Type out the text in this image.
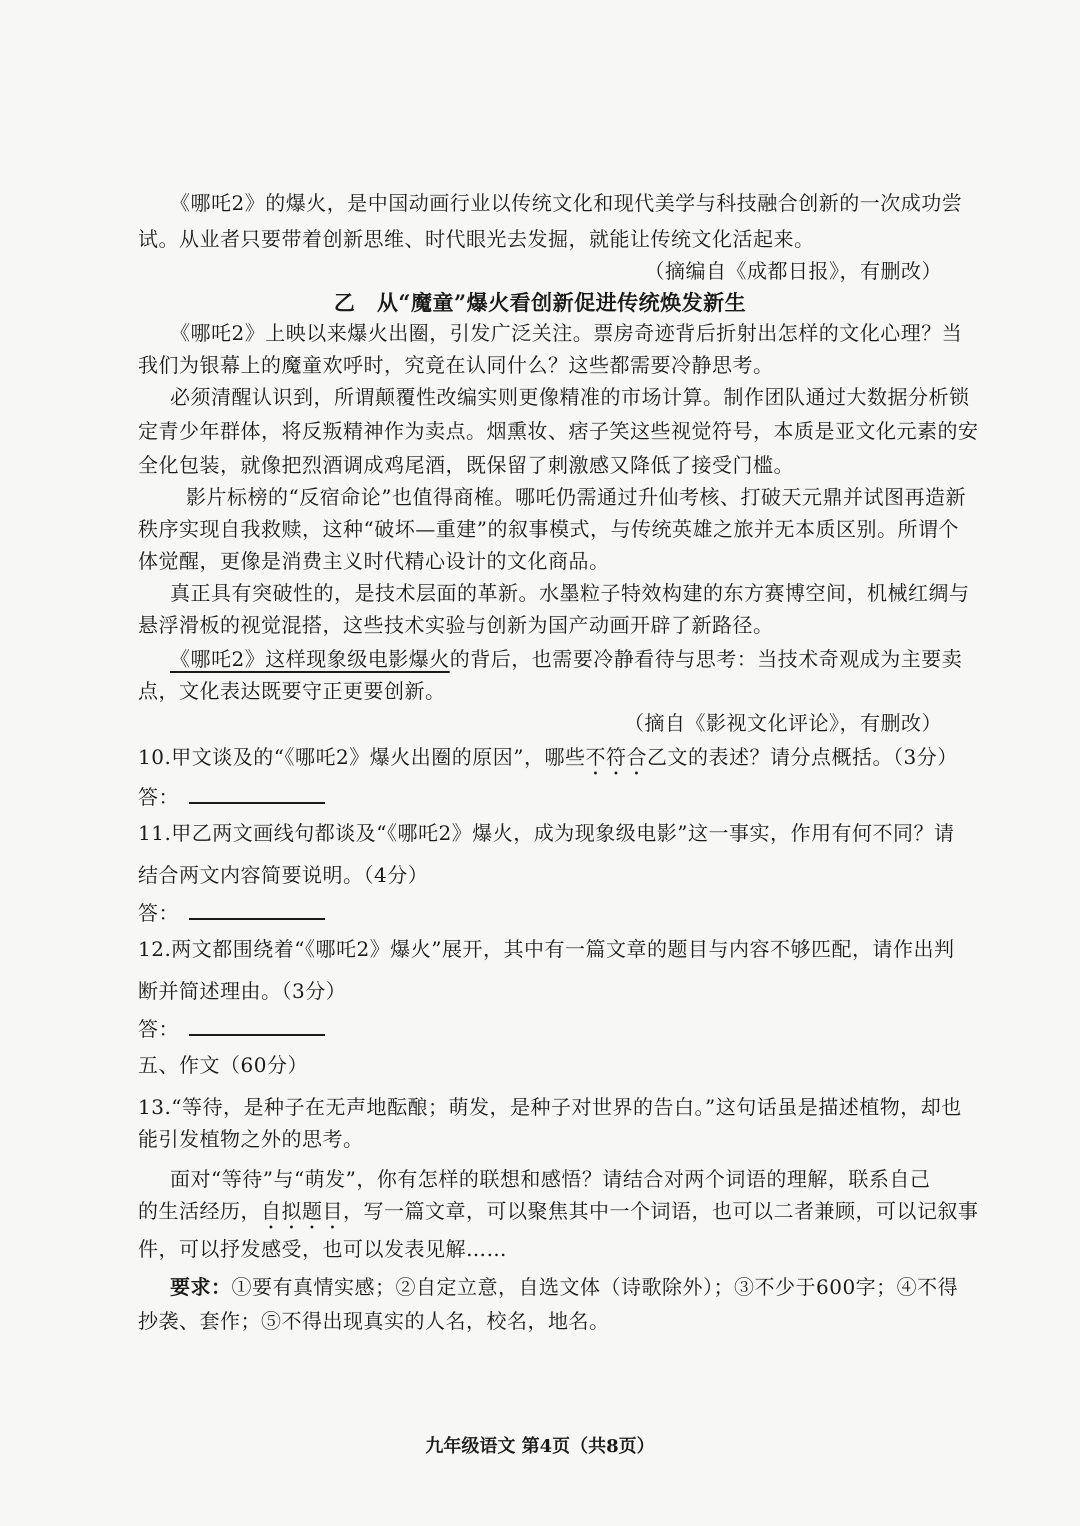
《哪吒2》的爆火，是中国动画行业以传统文化和现代美学与科技融合创新的一次成功尝
试。从业者只要带着创新思维、时代眼光去发掘，就能让传统文化活起来。
（摘编自《成都日报》，有删改）
乙　从“魔童”爆火看创新促进传统焕发新生
《哪吒2》上映以来爆火出圈，引发广泛关注。票房奇迹背后折射出怎样的文化心理？当
我们为银幕上的魔童欢呼时，究竟在认同什么？这些都需要冷静思考。
必须清醒认识到，所谓颠覆性改编实则更像精准的市场计算。制作团队通过大数据分析锁
定青少年群体，将反叛精神作为卖点。烟熏妆、痞子笑这些视觉符号，本质是亚文化元素的安
全化包装，就像把烈酒调成鸡尾酒，既保留了刺激感又降低了接受门槛。
影片标榜的“反宿命论”也值得商榷。哪吒仍需通过升仙考核、打破天元鼎并试图再造新
秩序实现自我救赎，这种“破坏—重建”的叙事模式，与传统英雄之旅并无本质区别。所谓个
体觉醒，更像是消费主义时代精心设计的文化商品。
真正具有突破性的，是技术层面的革新。水墨粒子特效构建的东方赛博空间，机械红绸与
悬浮滑板的视觉混搭，这些技术实验与创新为国产动画开辟了新路径。
《哪吒2》这样现象级电影爆火的背后，也需要冷静看待与思考：当技术奇观成为主要卖
点，文化表达既要守正更要创新。
（摘自《影视文化评论》，有删改）
10.甲文谈及的“《哪吒2》爆火出圈的原因”，哪些不符合乙文的表述？请分点概括。（3分）
答：
11.甲乙两文画线句都谈及“《哪吒2》爆火，成为现象级电影”这一事实，作用有何不同？请
结合两文内容简要说明。（4分）
答：
12.两文都围绕着“《哪吒2》爆火”展开，其中有一篇文章的题目与内容不够匹配，请作出判
断并简述理由。（3分）
答：
五、作文（60分）
13.“等待，是种子在无声地酝酿；萌发，是种子对世界的告白。”这句话虽是描述植物，却也
能引发植物之外的思考。
面对“等待”与“萌发”，你有怎样的联想和感悟？请结合对两个词语的理解，联系自己
的生活经历，自拟题目，写一篇文章，可以聚焦其中一个词语，也可以二者兼顾，可以记叙事
件，可以抒发感受，也可以发表见解……
要求：①要有真情实感；②自定立意，自选文体（诗歌除外）；③不少于600字；④不得
抄袭、套作；⑤不得出现真实的人名，校名，地名。
九年级语文 第4页（共8页）
